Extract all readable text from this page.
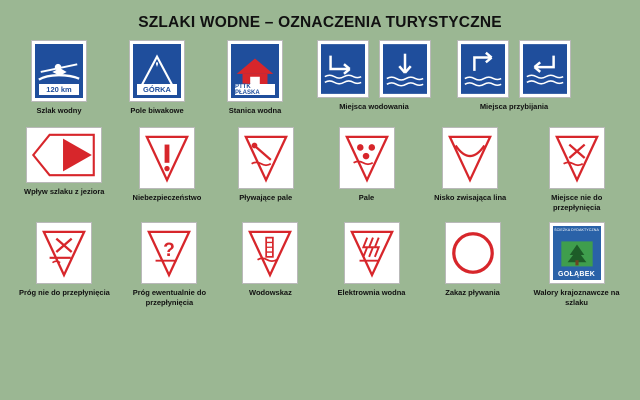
SZLAKI WODNE – OZNACZENIA TURYSTYCZNE
120 km
Szlak wodny
GÓRKA
Pole biwakowe
PTTK PŁASKA
Stanica wodna	Miejsca wodowania	Miejsca przybijania
Wpływ szlaku z jeziora
Niebezpieczeństwo	Pływające pale	Pale	Nisko zwisająca lina	Miejsce nie do przepłynięcia
Próg nie do przepłynięcia
?
Próg ewentualnie do przepłynięcia
Wodowskaz	Elektrownia wodna	Zakaz pływania
ŚCIEŻKA DYDAKTYCZNA
GOŁĄBEK
Walory krajoznawcze na szlaku
